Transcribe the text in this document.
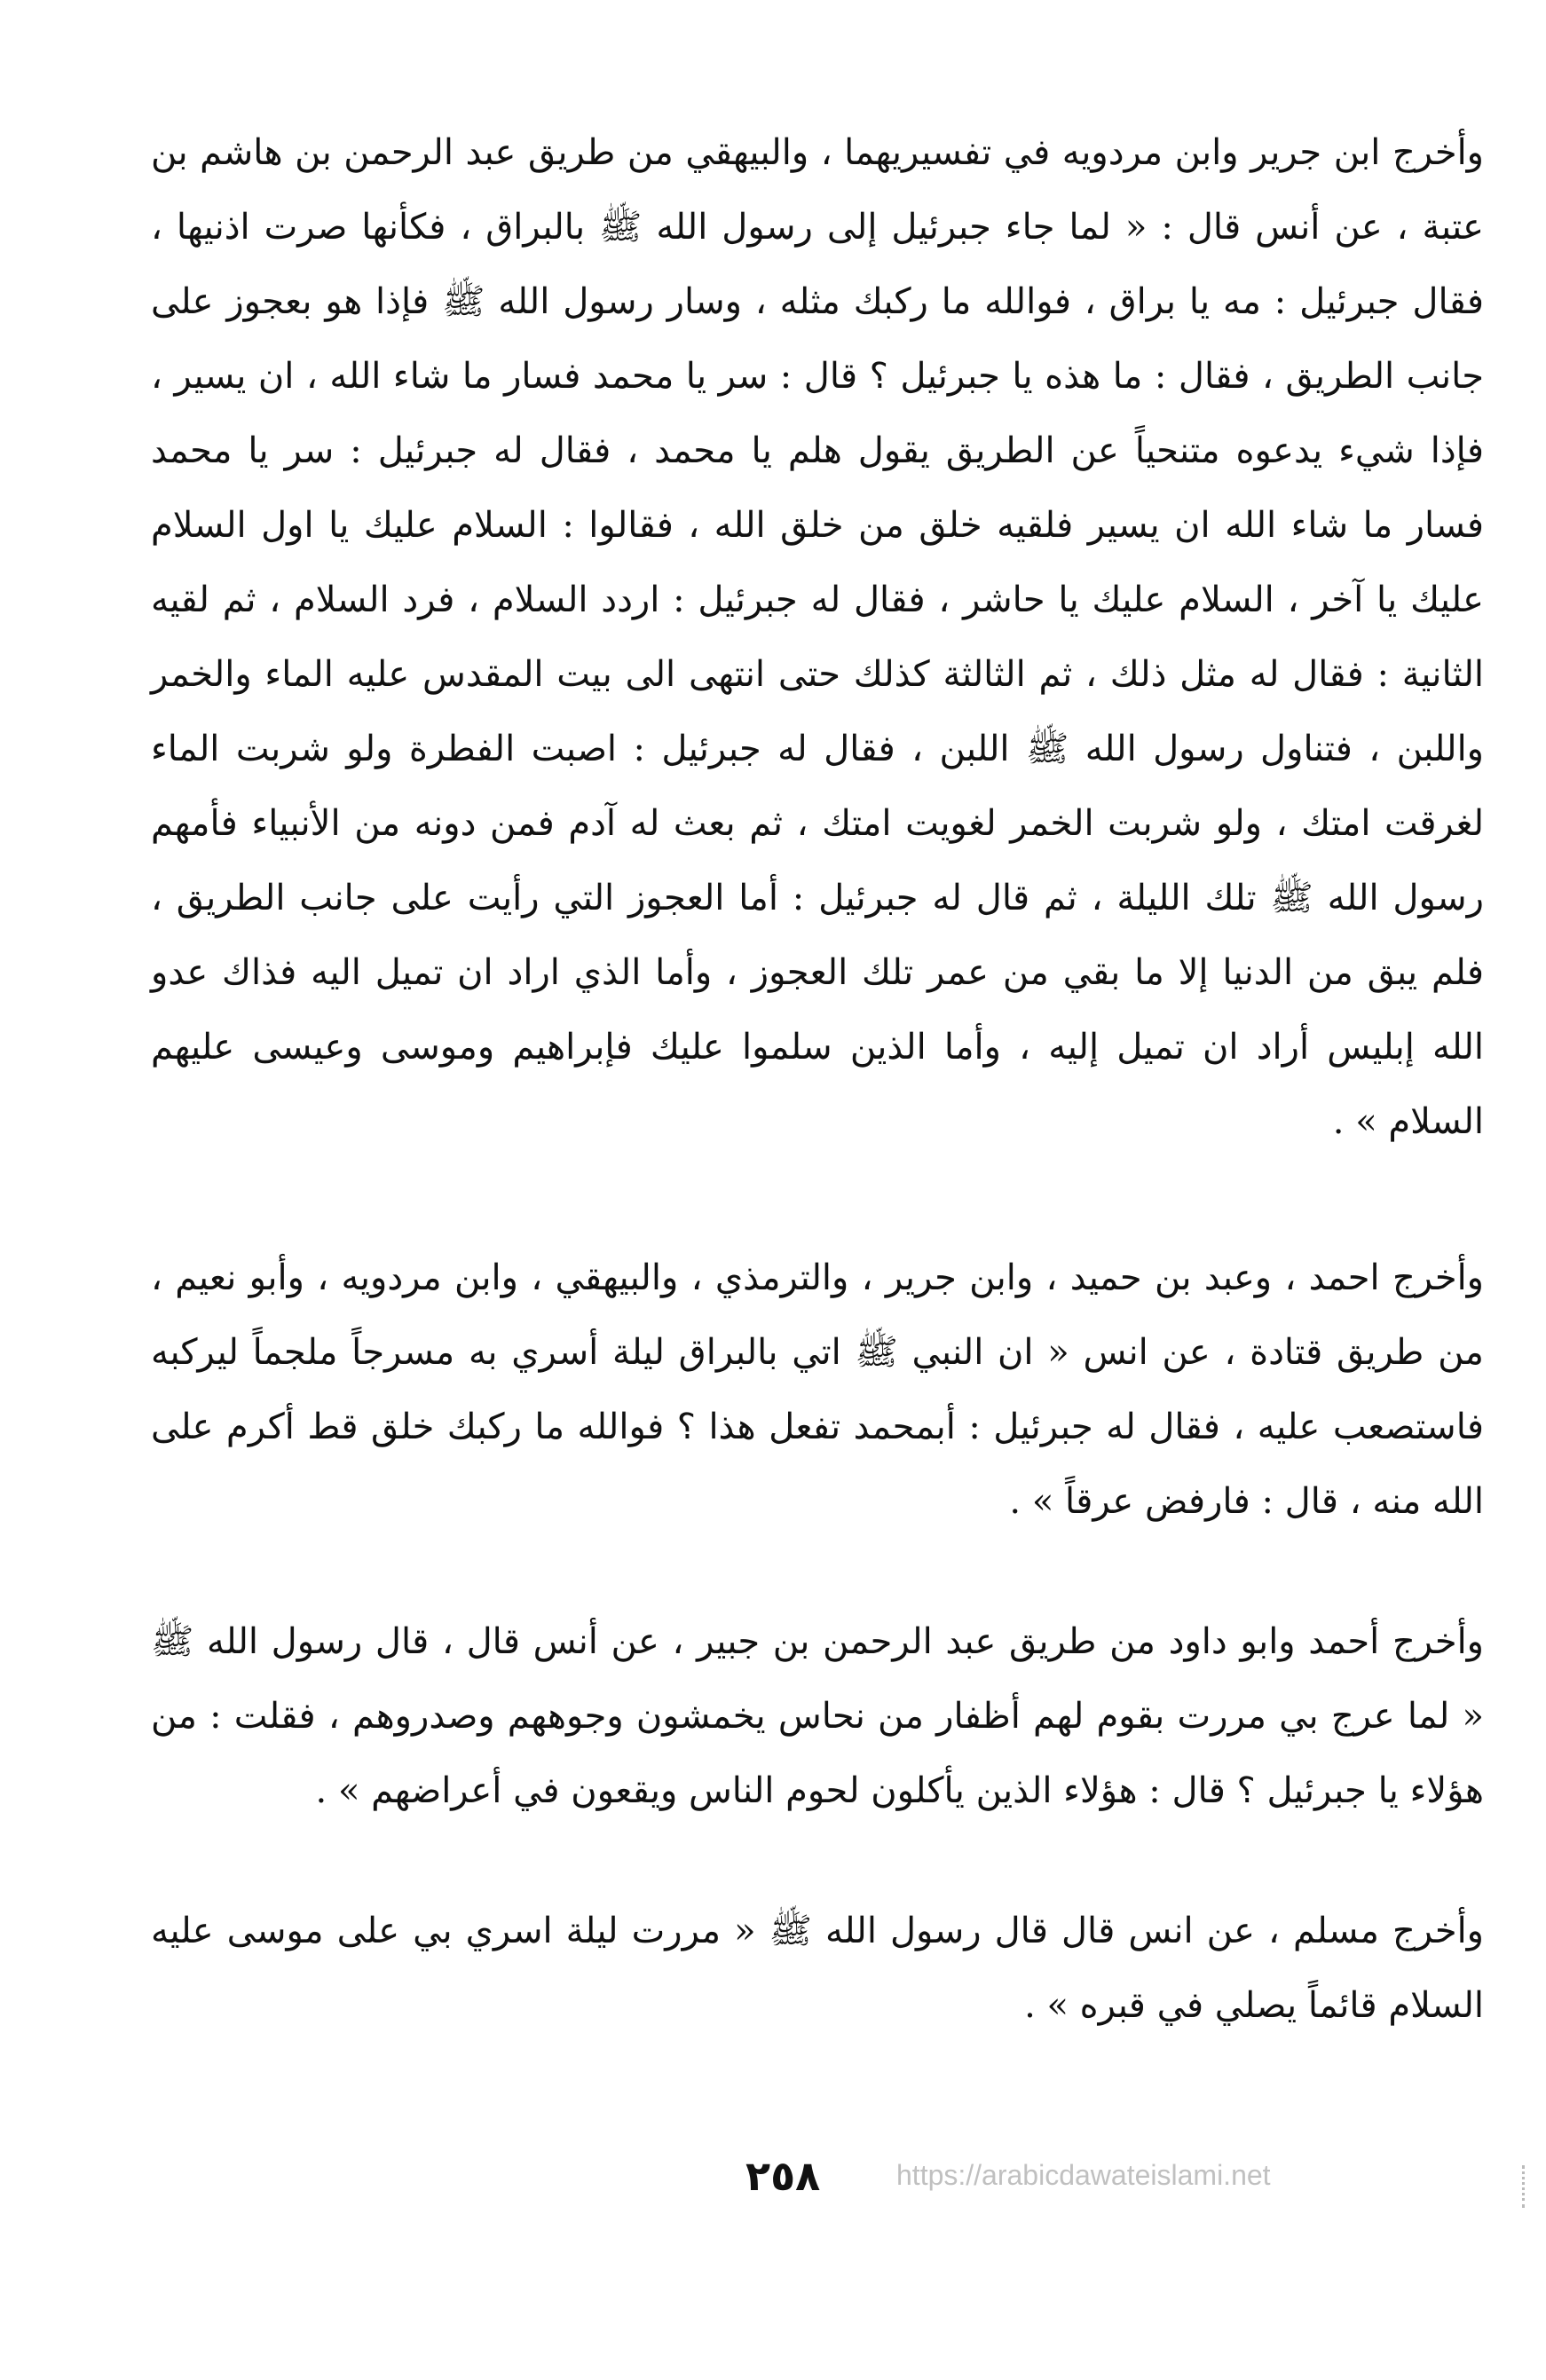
وأخرج ابن جرير وابن مردويه في تفسيريهما ، والبيهقي من طريق عبد الرحمن بن هاشم بن عتبة ، عن أنس قال : « لما جاء جبرئيل إلى رسول الله ﷺ بالبراق ، فكأنها صرت اذنيها ، فقال جبرئيل : مه يا براق ، فوالله ما ركبك مثله ، وسار رسول الله ﷺ فإذا هو بعجوز على جانب الطريق ، فقال : ما هذه يا جبرئيل ؟ قال : سر يا محمد فسار ما شاء الله ، ان يسير ، فإذا شيء يدعوه متنحياً عن الطريق يقول هلم يا محمد ، فقال له جبرئيل : سر يا محمد فسار ما شاء الله ان يسير فلقيه خلق من خلق الله ، فقالوا : السلام عليك يا اول السلام عليك يا آخر ، السلام عليك يا حاشر ، فقال له جبرئيل : اردد السلام ، فرد السلام ، ثم لقيه الثانية : فقال له مثل ذلك ، ثم الثالثة كذلك حتى انتهى الى بيت المقدس عليه الماء والخمر واللبن ، فتناول رسول الله ﷺ اللبن ، فقال له جبرئيل : اصبت الفطرة ولو شربت الماء لغرقت امتك ، ولو شربت الخمر لغويت امتك ، ثم بعث له آدم فمن دونه من الأنبياء فأمهم رسول الله ﷺ تلك الليلة ، ثم قال له جبرئيل : أما العجوز التي رأيت على جانب الطريق ، فلم يبق من الدنيا إلا ما بقي من عمر تلك العجوز ، وأما الذي اراد ان تميل اليه فذاك عدو الله إبليس أراد ان تميل إليه ، وأما الذين سلموا عليك فإبراهيم وموسى وعيسى عليهم السلام » .

وأخرج احمد ، وعبد بن حميد ، وابن جرير ، والترمذي ، والبيهقي ، وابن مردويه ، وأبو نعيم ، من طريق قتادة ، عن انس « ان النبي ﷺ اتي بالبراق ليلة أسري به مسرجاً ملجماً ليركبه فاستصعب عليه ، فقال له جبرئيل : أبمحمد تفعل هذا ؟ فوالله ما ركبك خلق قط أكرم على الله منه ، قال : فارفض عرقاً » .

وأخرج أحمد وابو داود من طريق عبد الرحمن بن جبير ، عن أنس قال ، قال رسول الله ﷺ « لما عرج بي مررت بقوم لهم أظفار من نحاس يخمشون وجوههم وصدروهم ، فقلت : من هؤلاء يا جبرئيل ؟ قال : هؤلاء الذين يأكلون لحوم الناس ويقعون في أعراضهم » .

وأخرج مسلم ، عن انس قال قال رسول الله ﷺ « مررت ليلة اسري بي على موسى عليه السلام قائماً يصلي في قبره » .

٢٥٨	https://arabicdawateislami.net
